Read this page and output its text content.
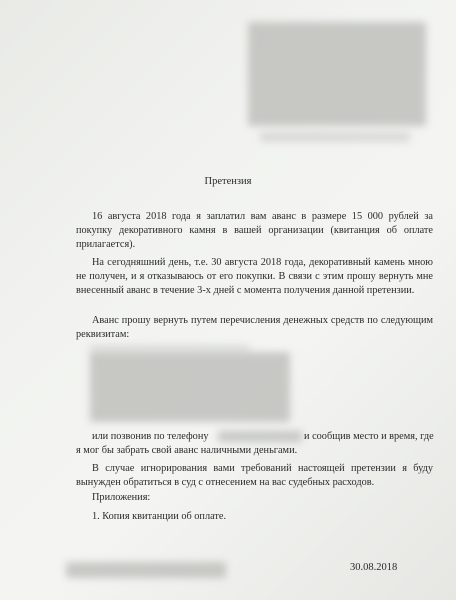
Претензия

16 августа 2018 года я заплатил вам аванс в размере 15 000 рублей за покупку декоративного камня в вашей организации (квитанция об оплате прилагается).

На сегодняшний день, т.е. 30 августа 2018 года, декоративный камень мною не получен, и я отказываюсь от его покупки. В связи с этим прошу вернуть мне внесенный аванс в течение 3-х дней с момента получения данной претензии.

Аванс прошу вернуть путем перечисления денежных средств по следующим реквизитам:

или позвонив по телефону	и сообщив место и время, где

я мог бы забрать свой аванс наличными деньгами.

В случае игнорирования вами требований настоящей претензии я буду вынужден обратиться в суд с отнесением на вас судебных расходов.

Приложения:

1. Копия квитанции об оплате.

30.08.2018
